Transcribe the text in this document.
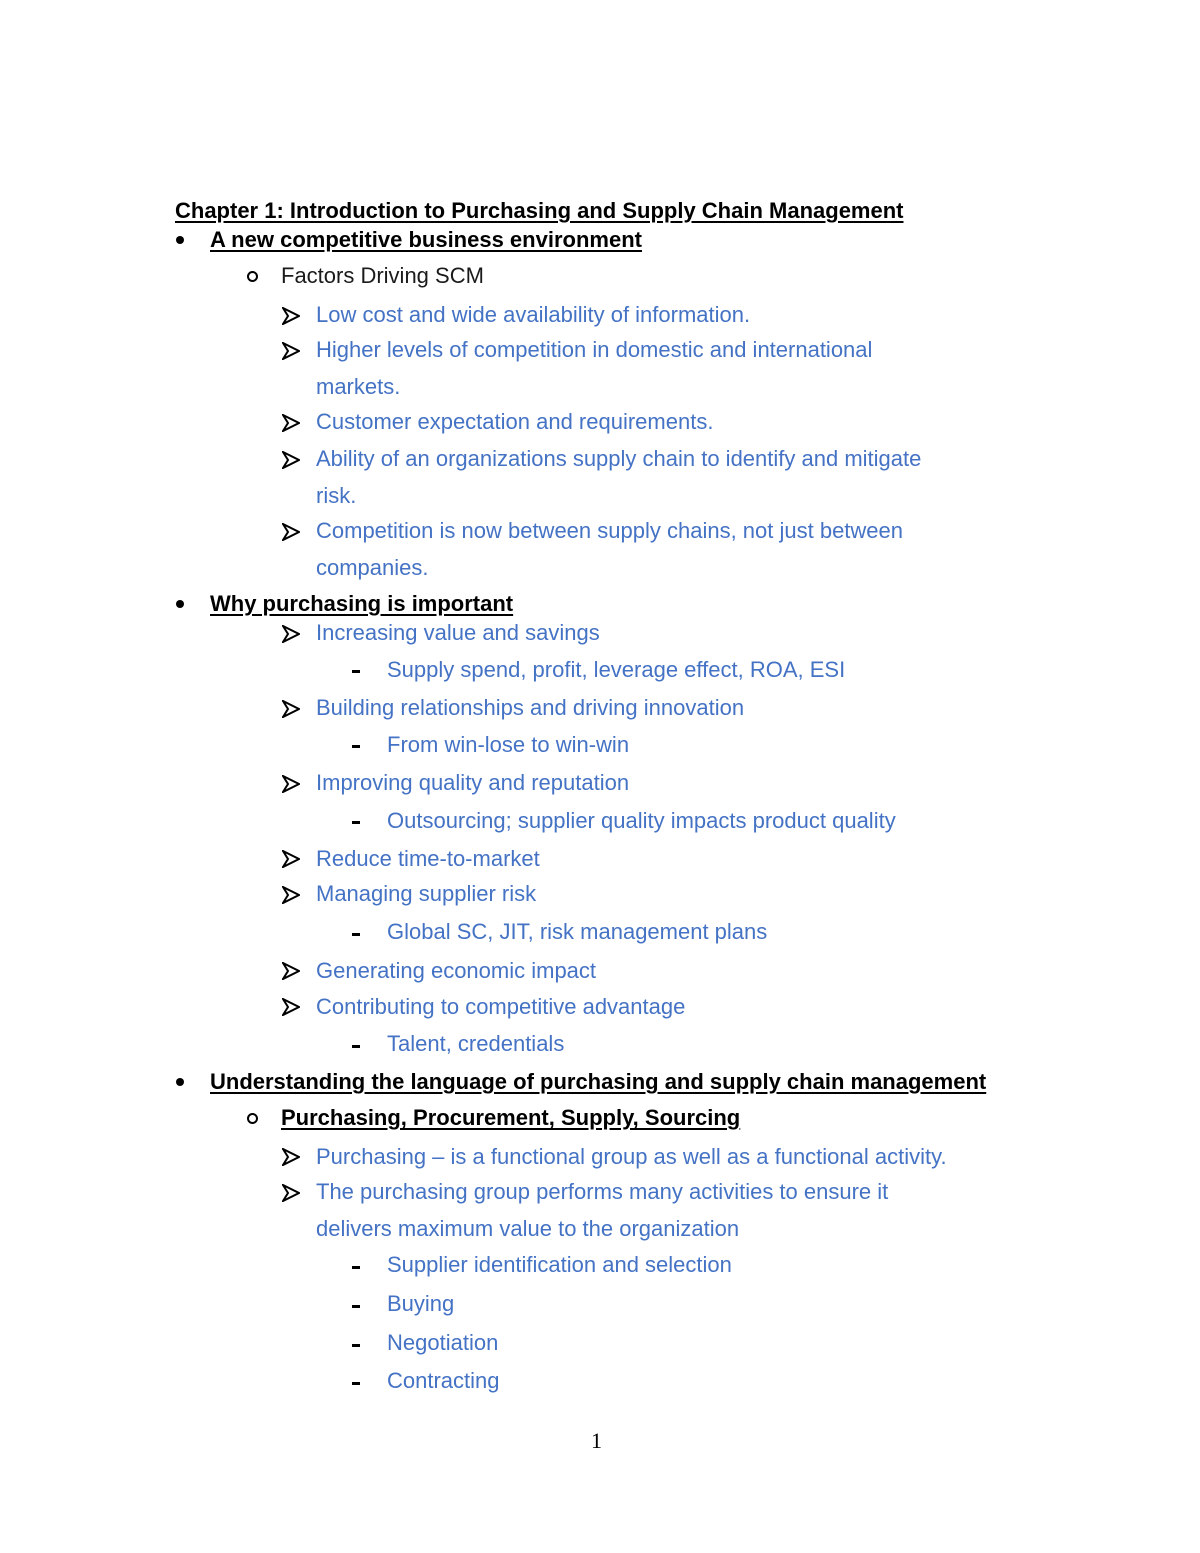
Chapter 1: Introduction to Purchasing and Supply Chain Management
A new competitive business environment
Factors Driving SCM
Low cost and wide availability of information.
Higher levels of competition in domestic and international
markets.
Customer expectation and requirements.
Ability of an organizations supply chain to identify and mitigate
risk.
Competition is now between supply chains, not just between
companies.
Why purchasing is important
Increasing value and savings
Supply spend, profit, leverage effect, ROA, ESI
Building relationships and driving innovation
From win-lose to win-win
Improving quality and reputation
Outsourcing; supplier quality impacts product quality
Reduce time-to-market
Managing supplier risk
Global SC, JIT, risk management plans
Generating economic impact
Contributing to competitive advantage
Talent, credentials
Understanding the language of purchasing and supply chain management
Purchasing, Procurement, Supply, Sourcing
Purchasing – is a functional group as well as a functional activity.
The purchasing group performs many activities to ensure it
delivers maximum value to the organization
Supplier identification and selection
Buying
Negotiation
Contracting
1
